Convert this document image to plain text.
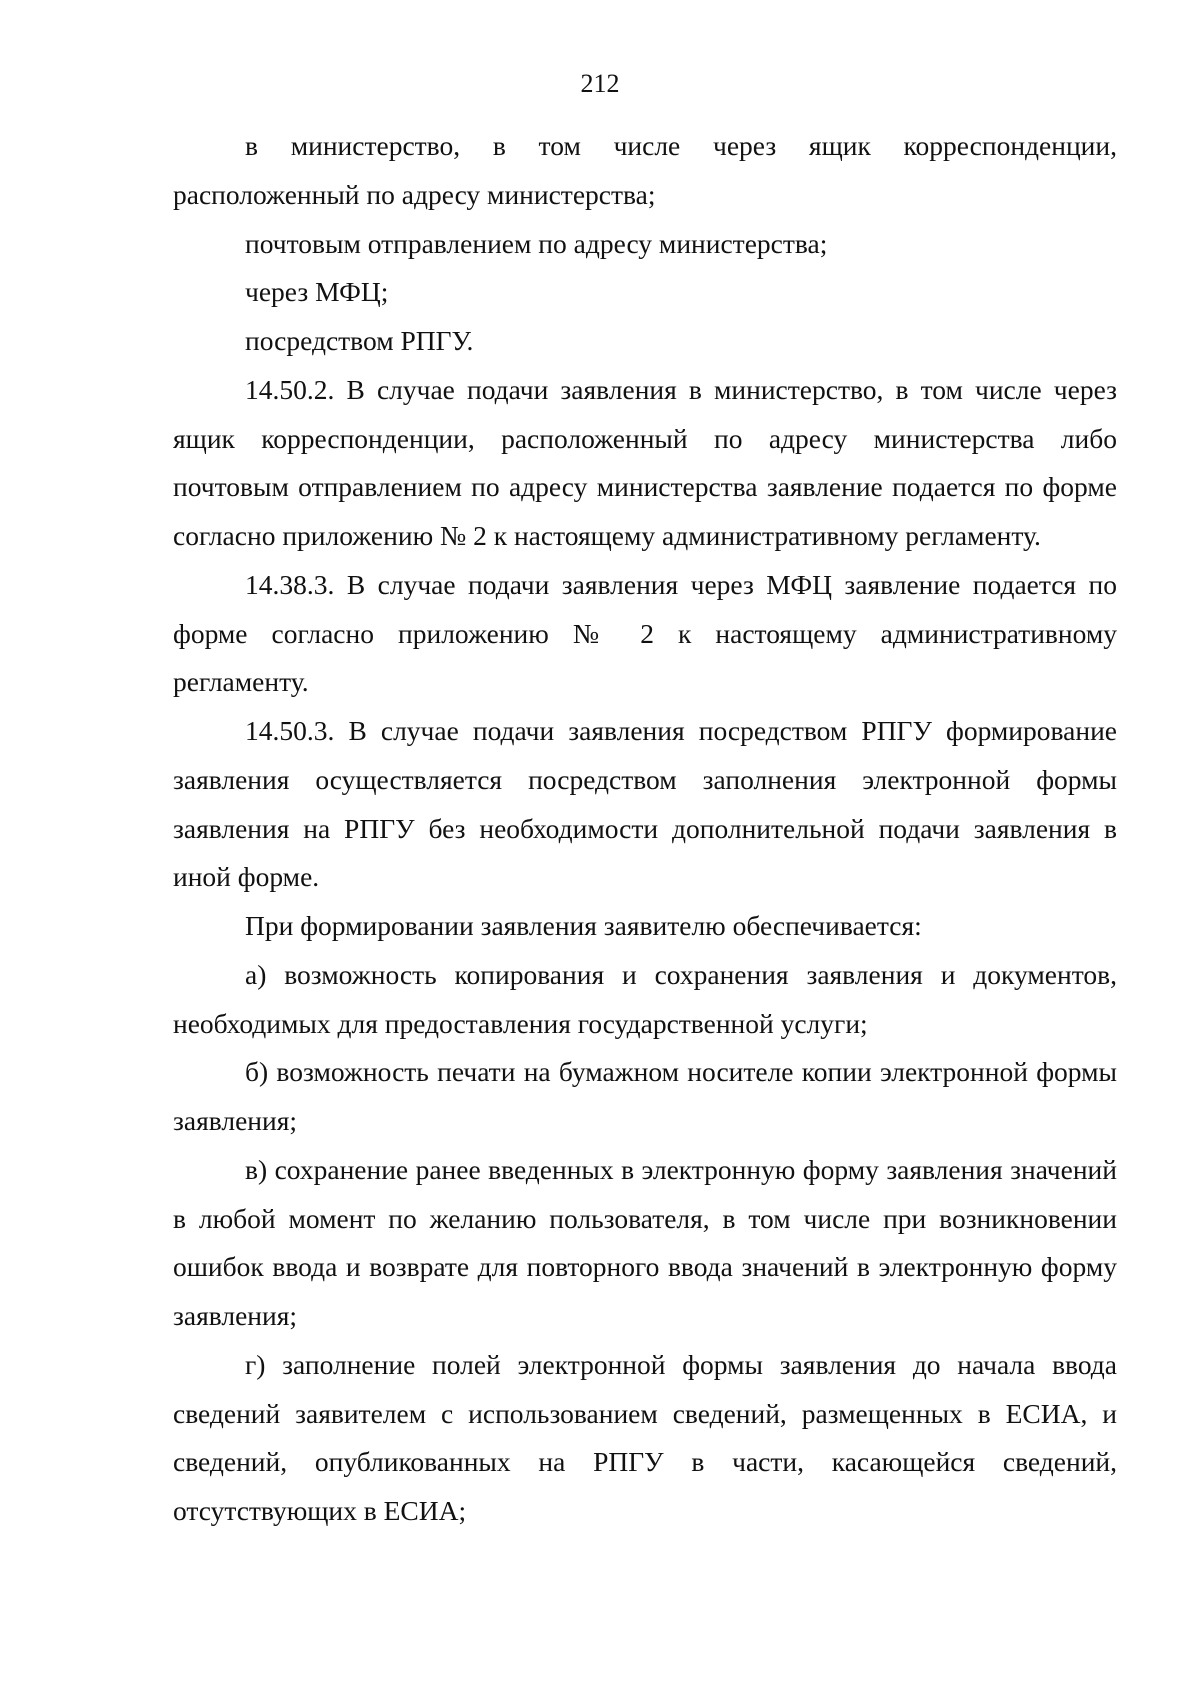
212

в министерство, в том числе через ящик корреспонденции, расположенный по адресу министерства;

почтовым отправлением по адресу министерства;

через МФЦ;

посредством РПГУ.

14.50.2. В случае подачи заявления в министерство, в том числе через ящик корреспонденции, расположенный по адресу министерства либо почтовым отправлением по адресу министерства заявление подается по форме согласно приложению № 2 к настоящему административному регламенту.

14.38.3. В случае подачи заявления через МФЦ заявление подается по форме согласно приложению № 2 к настоящему административному регламенту.

14.50.3. В случае подачи заявления посредством РПГУ формирование заявления осуществляется посредством заполнения электронной формы заявления на РПГУ без необходимости дополнительной подачи заявления в иной форме.

При формировании заявления заявителю обеспечивается:

а) возможность копирования и сохранения заявления и документов, необходимых для предоставления государственной услуги;

б) возможность печати на бумажном носителе копии электронной формы заявления;

в) сохранение ранее введенных в электронную форму заявления значений в любой момент по желанию пользователя, в том числе при возникновении ошибок ввода и возврате для повторного ввода значений в электронную форму заявления;

г) заполнение полей электронной формы заявления до начала ввода сведений заявителем с использованием сведений, размещенных в ЕСИА, и сведений, опубликованных на РПГУ в части, касающейся сведений, отсутствующих в ЕСИА;
